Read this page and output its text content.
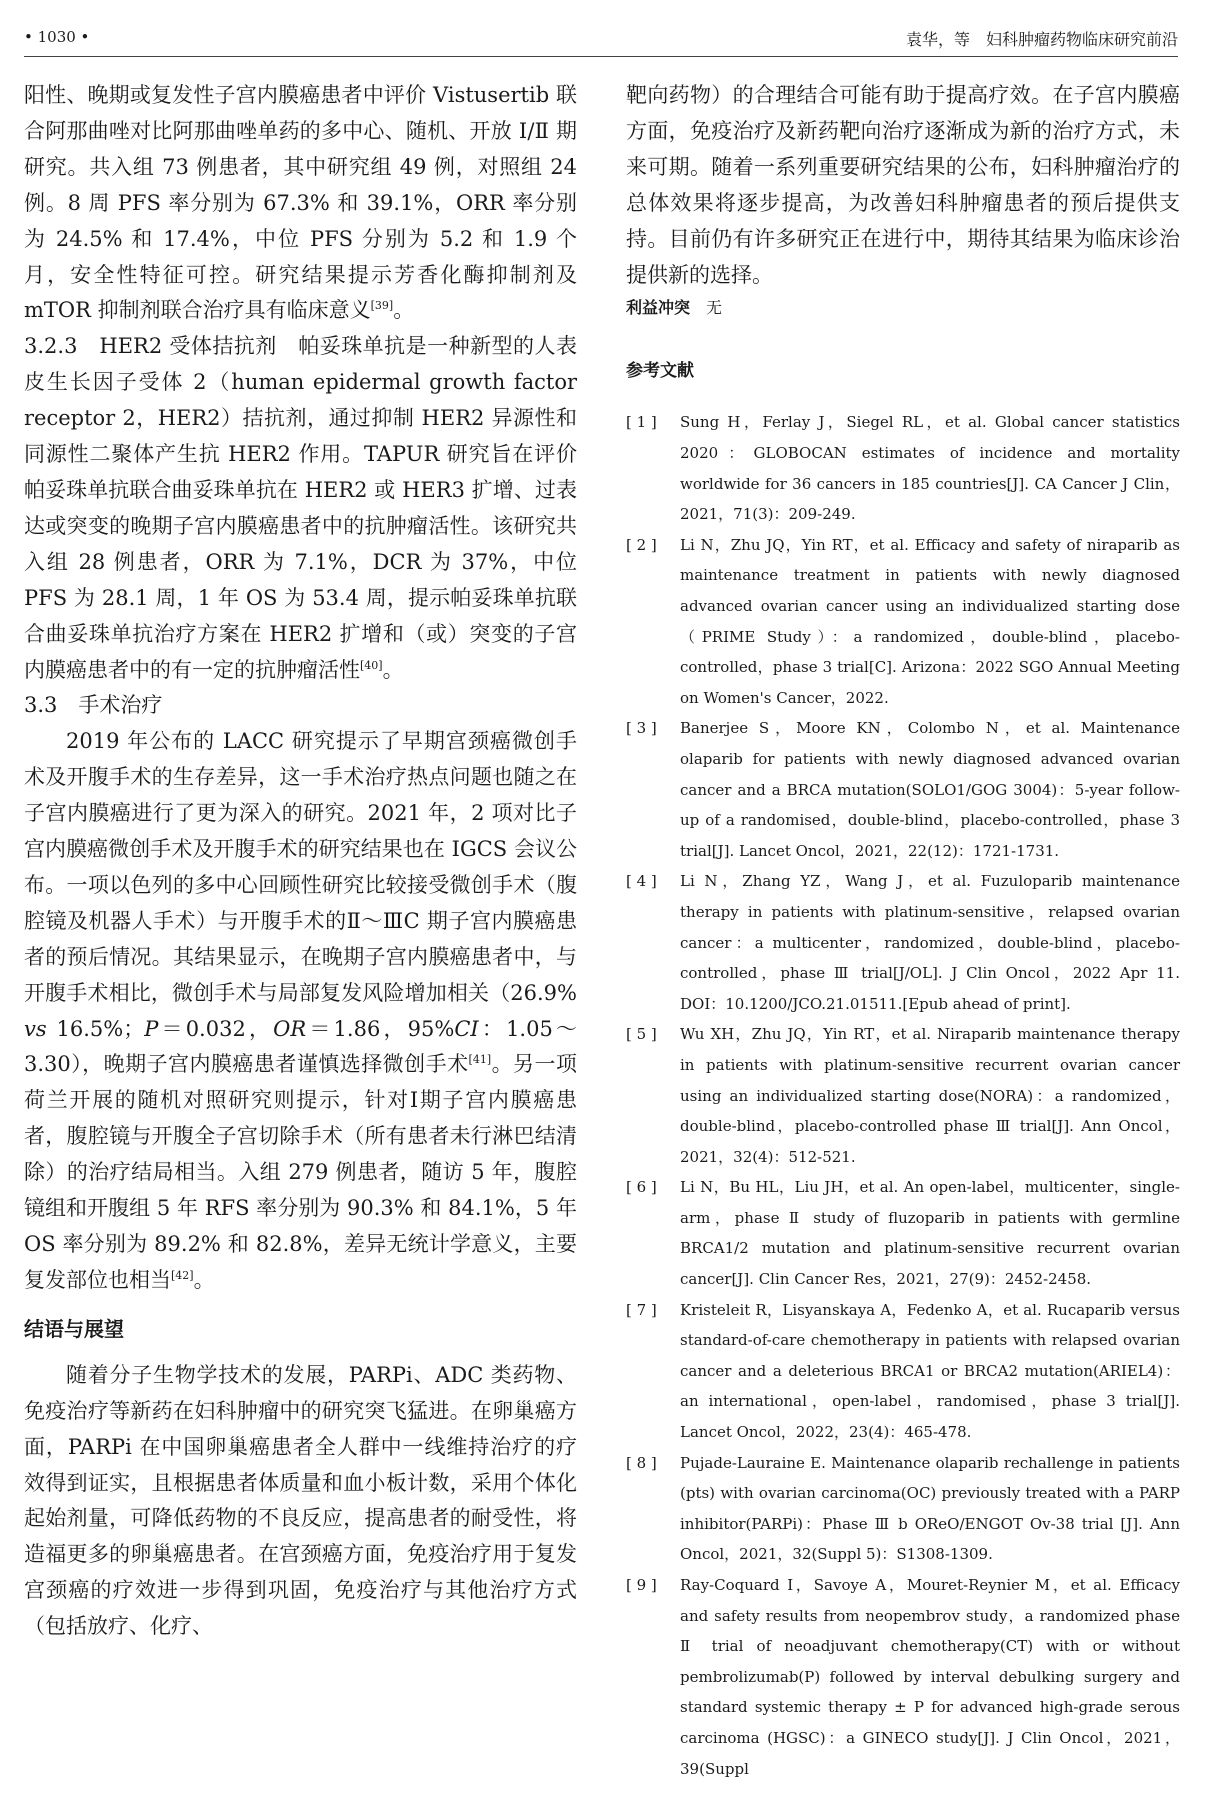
• 1030 •	袁华，等　妇科肿瘤药物临床研究前沿

阳性、晚期或复发性子宫内膜癌患者中评价 Vistusertib 联合阿那曲唑对比阿那曲唑单药的多中心、随机、开放 Ⅰ/Ⅱ 期研究。共入组 73 例患者，其中研究组 49 例，对照组 24 例。8 周 PFS 率分别为 67.3% 和 39.1%，ORR 率分别为 24.5% 和 17.4%，中位 PFS 分别为 5.2 和 1.9 个月，安全性特征可控。研究结果提示芳香化酶抑制剂及 mTOR 抑制剂联合治疗具有临床意义[39]。

3.2.3　HER2 受体拮抗剂　帕妥珠单抗是一种新型的人表皮生长因子受体 2（human epidermal growth factor receptor 2，HER2）拮抗剂，通过抑制 HER2 异源性和同源性二聚体产生抗 HER2 作用。TAPUR 研究旨在评价帕妥珠单抗联合曲妥珠单抗在 HER2 或 HER3 扩增、过表达或突变的晚期子宫内膜癌患者中的抗肿瘤活性。该研究共入组 28 例患者，ORR 为 7.1%，DCR 为 37%，中位 PFS 为 28.1 周，1 年 OS 为 53.4 周，提示帕妥珠单抗联合曲妥珠单抗治疗方案在 HER2 扩增和（或）突变的子宫内膜癌患者中的有一定的抗肿瘤活性[40]。

3.3　手术治疗

2019 年公布的 LACC 研究提示了早期宫颈癌微创手术及开腹手术的生存差异，这一手术治疗热点问题也随之在子宫内膜癌进行了更为深入的研究。2021 年，2 项对比子宫内膜癌微创手术及开腹手术的研究结果也在 IGCS 会议公布。一项以色列的多中心回顾性研究比较接受微创手术（腹腔镜及机器人手术）与开腹手术的Ⅱ～ⅢC 期子宫内膜癌患者的预后情况。其结果显示，在晚期子宫内膜癌患者中，与开腹手术相比，微创手术与局部复发风险增加相关（26.9% vs 16.5%；P＝0.032，OR＝1.86，95%CI：1.05～3.30），晚期子宫内膜癌患者谨慎选择微创手术[41]。另一项荷兰开展的随机对照研究则提示，针对Ⅰ期子宫内膜癌患者，腹腔镜与开腹全子宫切除手术（所有患者未行淋巴结清除）的治疗结局相当。入组 279 例患者，随访 5 年，腹腔镜组和开腹组 5 年 RFS 率分别为 90.3% 和 84.1%，5 年 OS 率分别为 89.2% 和 82.8%，差异无统计学意义，主要复发部位也相当[42]。

结语与展望

随着分子生物学技术的发展，PARPi、ADC 类药物、免疫治疗等新药在妇科肿瘤中的研究突飞猛进。在卵巢癌方面，PARPi 在中国卵巢癌患者全人群中一线维持治疗的疗效得到证实，且根据患者体质量和血小板计数，采用个体化起始剂量，可降低药物的不良反应，提高患者的耐受性，将造福更多的卵巢癌患者。在宫颈癌方面，免疫治疗用于复发宫颈癌的疗效进一步得到巩固，免疫治疗与其他治疗方式（包括放疗、化疗、

靶向药物）的合理结合可能有助于提高疗效。在子宫内膜癌方面，免疫治疗及新药靶向治疗逐渐成为新的治疗方式，未来可期。随着一系列重要研究结果的公布，妇科肿瘤治疗的总体效果将逐步提高，为改善妇科肿瘤患者的预后提供支持。目前仍有许多研究正在进行中，期待其结果为临床诊治提供新的选择。

利益冲突 无

参考文献

[ 1 ]	Sung H，Ferlay J，Siegel RL，et al. Global cancer statistics 2020：GLOBOCAN estimates of incidence and mortality worldwide for 36 cancers in 185 countries[J]. CA Cancer J Clin，2021，71(3)：209-249.
[ 2 ]	Li N，Zhu JQ，Yin RT，et al. Efficacy and safety of niraparib as maintenance treatment in patients with newly diagnosed advanced ovarian cancer using an individualized starting dose（PRIME Study）：a randomized，double-blind，placebo-controlled，phase 3 trial[C]. Arizona：2022 SGO Annual Meeting on Women's Cancer，2022.
[ 3 ]	Banerjee S，Moore KN，Colombo N，et al. Maintenance olaparib for patients with newly diagnosed advanced ovarian cancer and a BRCA mutation(SOLO1/GOG 3004)：5-year follow-up of a randomised，double-blind，placebo-controlled，phase 3 trial[J]. Lancet Oncol，2021，22(12)：1721-1731.
[ 4 ]	Li N，Zhang YZ，Wang J，et al. Fuzuloparib maintenance therapy in patients with platinum-sensitive，relapsed ovarian cancer：a multicenter，randomized，double-blind，placebo-controlled，phase Ⅲ trial[J/OL]. J Clin Oncol，2022 Apr 11. DOI：10.1200/JCO.21.01511.[Epub ahead of print].
[ 5 ]	Wu XH，Zhu JQ，Yin RT，et al. Niraparib maintenance therapy in patients with platinum-sensitive recurrent ovarian cancer using an individualized starting dose(NORA)：a randomized，double-blind，placebo-controlled phase Ⅲ trial[J]. Ann Oncol，2021，32(4)：512-521.
[ 6 ]	Li N，Bu HL，Liu JH，et al. An open-label，multicenter，single-arm，phase Ⅱ study of fluzoparib in patients with germline BRCA1/2 mutation and platinum-sensitive recurrent ovarian cancer[J]. Clin Cancer Res，2021，27(9)：2452-2458.
[ 7 ]	Kristeleit R，Lisyanskaya A，Fedenko A，et al. Rucaparib versus standard-of-care chemotherapy in patients with relapsed ovarian cancer and a deleterious BRCA1 or BRCA2 mutation(ARIEL4)：an international，open-label，randomised，phase 3 trial[J]. Lancet Oncol，2022，23(4)：465-478.
[ 8 ]	Pujade-Lauraine E. Maintenance olaparib rechallenge in patients (pts) with ovarian carcinoma(OC) previously treated with a PARP inhibitor(PARPi)：Phase Ⅲ b OReO/ENGOT Ov-38 trial [J]. Ann Oncol，2021，32(Suppl 5)：S1308-1309.
[ 9 ]	Ray-Coquard I，Savoye A，Mouret-Reynier M，et al. Efficacy and safety results from neopembrov study，a randomized phase Ⅱ trial of neoadjuvant chemotherapy(CT) with or without pembrolizumab(P) followed by interval debulking surgery and standard systemic therapy ± P for advanced high-grade serous carcinoma (HGSC)：a GINECO study[J]. J Clin Oncol，2021，39(Suppl
